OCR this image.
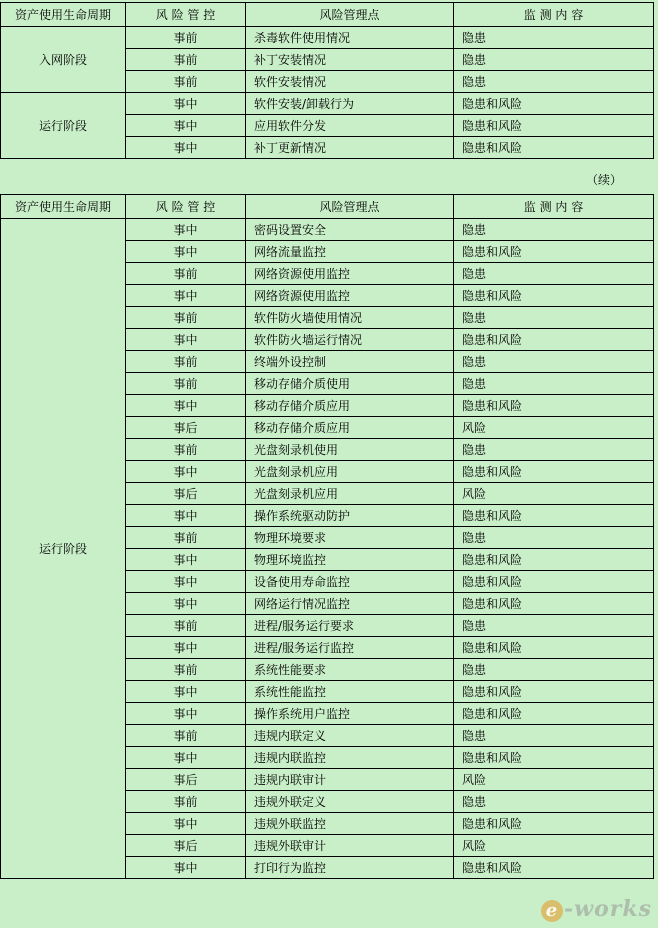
资产使用生命周期	风 险 管 控	风险管理点	监 测 内 容
入网阶段	事前	杀毒软件使用情况	隐患
	事前	补丁安装情况	隐患
	事前	软件安装情况	隐患
运行阶段	事中	软件安装/卸载行为	隐患和风险
	事中	应用软件分发	隐患和风险
	事中	补丁更新情况	隐患和风险
（续）
资产使用生命周期	风 险 管 控	风险管理点	监 测 内 容
运行阶段	事中	密码设置安全	隐患
	事中	网络流量监控	隐患和风险
	事前	网络资源使用监控	隐患
	事中	网络资源使用监控	隐患和风险
	事前	软件防火墙使用情况	隐患
	事中	软件防火墙运行情况	隐患和风险
	事前	终端外设控制	隐患
	事前	移动存储介质使用	隐患
	事中	移动存储介质应用	隐患和风险
	事后	移动存储介质应用	风险
	事前	光盘刻录机使用	隐患
	事中	光盘刻录机应用	隐患和风险
	事后	光盘刻录机应用	风险
	事中	操作系统驱动防护	隐患和风险
	事前	物理环境要求	隐患
	事中	物理环境监控	隐患和风险
	事中	设备使用寿命监控	隐患和风险
	事中	网络运行情况监控	隐患和风险
	事前	进程/服务运行要求	隐患
	事中	进程/服务运行监控	隐患和风险
	事前	系统性能要求	隐患
	事中	系统性能监控	隐患和风险
	事中	操作系统用户监控	隐患和风险
	事前	违规内联定义	隐患
	事中	违规内联监控	隐患和风险
	事后	违规内联审计	风险
	事前	违规外联定义	隐患
	事中	违规外联监控	隐患和风险
	事后	违规外联审计	风险
	事中	打印行为监控	隐患和风险
e -works
